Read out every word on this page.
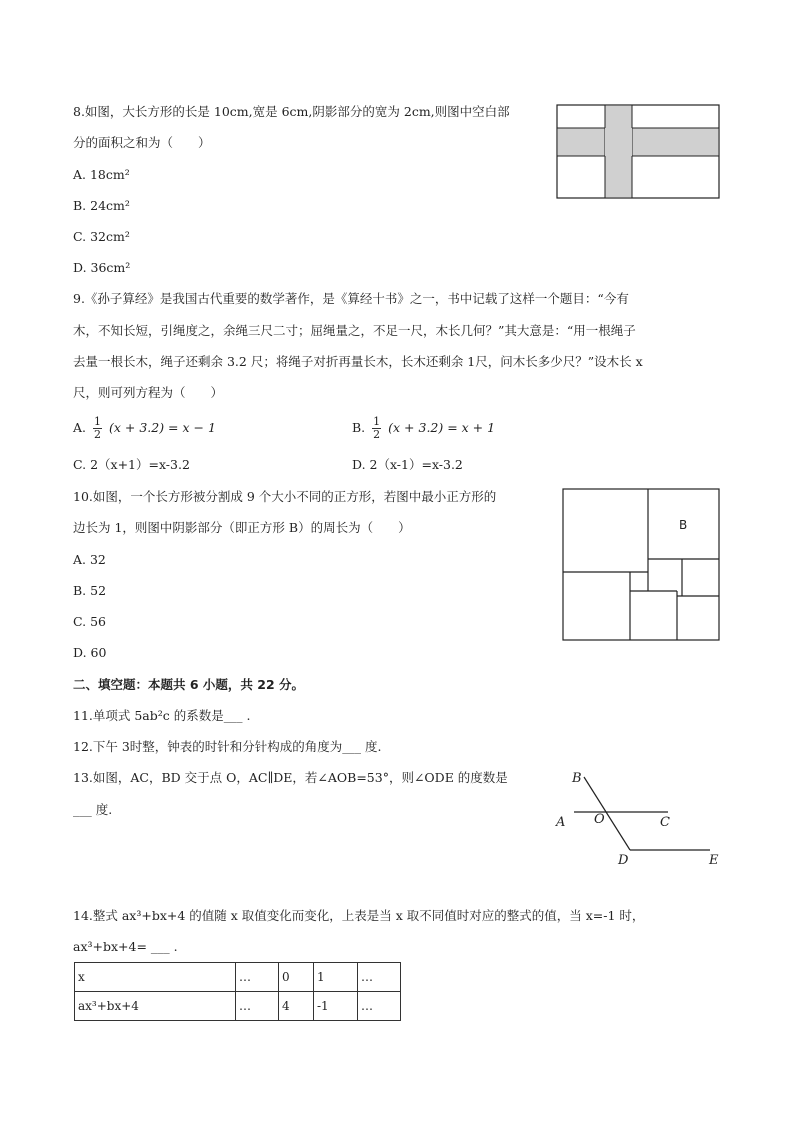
8.如图，大长方形的长是 10cm,宽是 6cm,阴影部分的宽为 2cm,则图中空白部
分的面积之和为（　　）
A. 18cm²
B. 24cm²
C. 32cm²
D. 36cm²
9.《孙子算经》是我国古代重要的数学著作，是《算经十书》之一，书中记载了这样一个题目：“今有
木，不知长短，引绳度之，余绳三尺二寸；屈绳量之，不足一尺，木长几何？”其大意是：“用一根绳子
去量一根长木，绳子还剩余 3.2 尺；将绳子对折再量长木，长木还剩余 1尺，问木长多少尺？”设木长 x
尺，则可列方程为（　　）
A. $\frac{1}{2} (x + 3.2) = x - 1$	B. $\frac{1}{2} (x + 3.2) = x + 1$
C. 2（x+1）=x-3.2	D. 2（x-1）=x-3.2
10.如图，一个长方形被分割成 9 个大小不同的正方形，若图中最小正方形的
边长为 1，则图中阴影部分（即正方形 B）的周长为（　　）
A. 32
B. 52
C. 56
D. 60
B
二、填空题：本题共 6 小题，共 22 分。
11.单项式 5ab²c 的系数是___ .
12.下午 3时整，钟表的时针和分针构成的角度为___ 度.
13.如图，AC，BD 交于点 O，AC∥DE，若∠AOB=53°，则∠ODE 的度数是
___ 度.
B
A O	C
D	E
14.整式 ax³+bx+4 的值随 x 取值变化而变化，上表是当 x 取不同值时对应的整式的值，当 x=-1 时，
ax³+bx+4= ___ .
x	…	0	1	…
ax³+bx+4	…	4	-1	…
